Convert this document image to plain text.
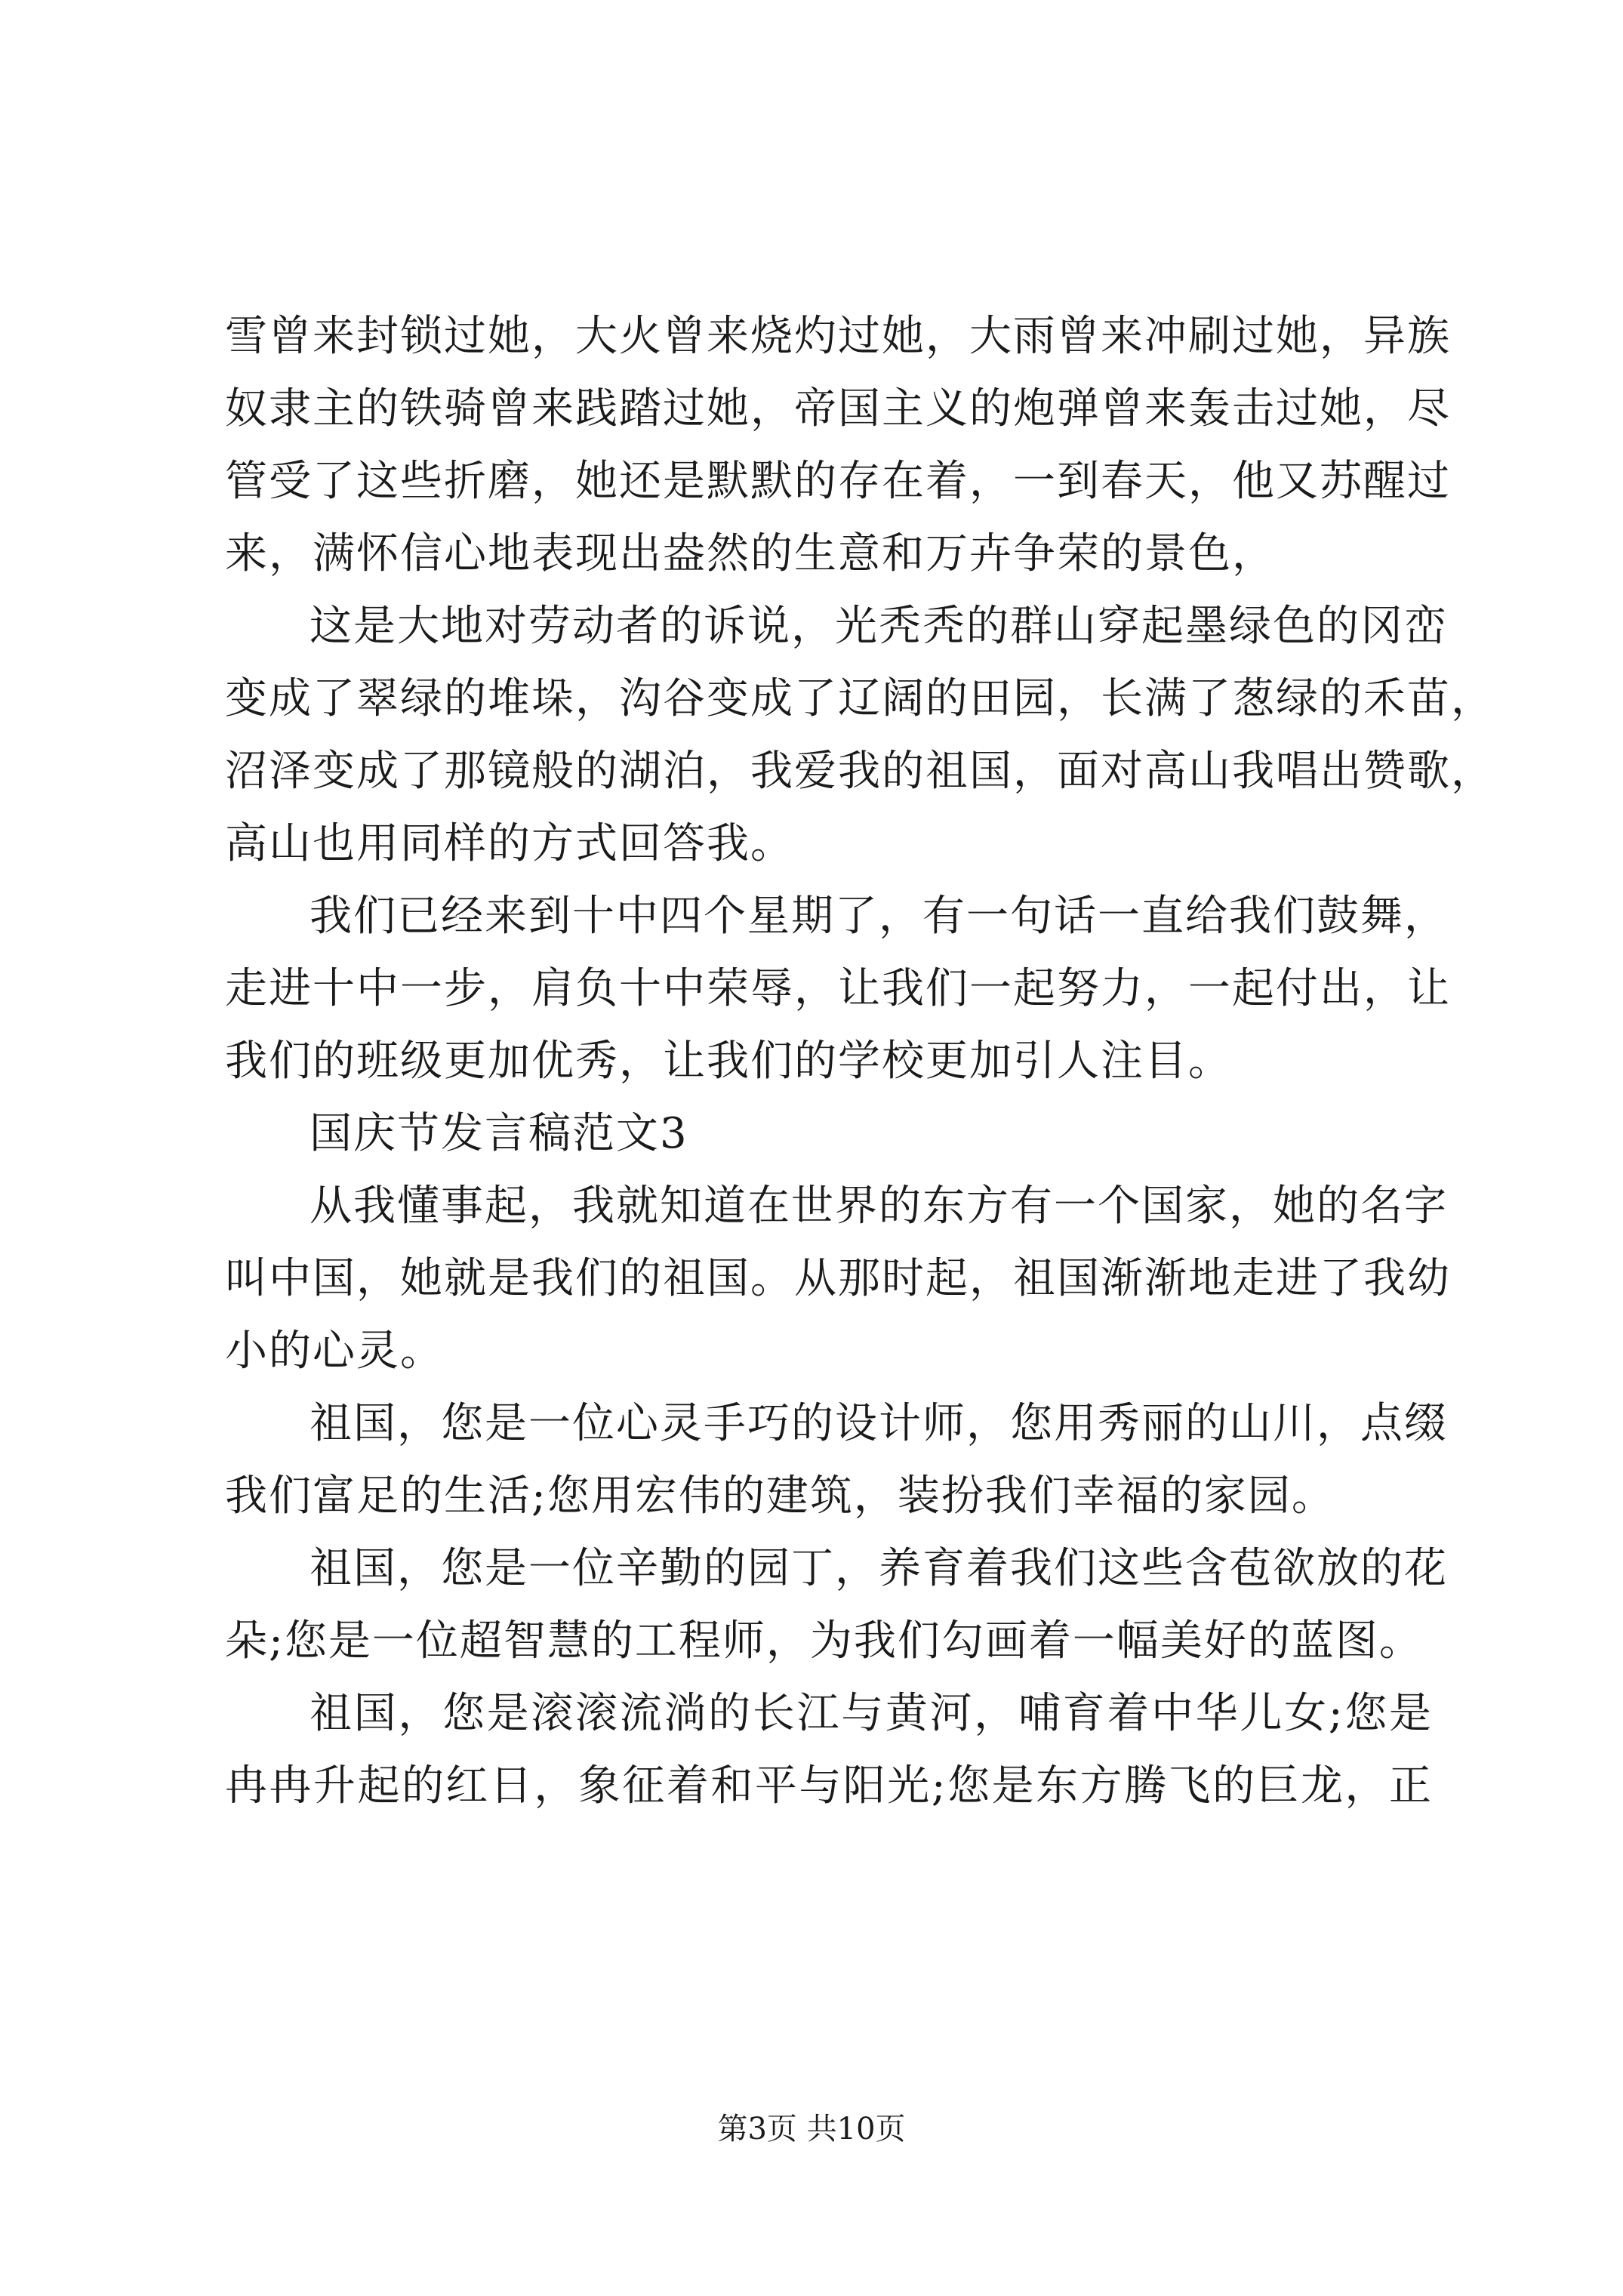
雪曾来封锁过她，大火曾来烧灼过她，大雨曾来冲刷过她，异族
奴隶主的铁骑曾来践踏过她，帝国主义的炮弹曾来轰击过她，尽
管受了这些折磨，她还是默默的存在着，一到春天，他又苏醒过
来，满怀信心地表现出盎然的生意和万卉争荣的景色，
这是大地对劳动者的诉说，光秃秃的群山穿起墨绿色的冈峦
变成了翠绿的堆垛，沟谷变成了辽阔的田园，长满了葱绿的禾苗，
沼泽变成了那镜般的湖泊，我爱我的祖国，面对高山我唱出赞歌，
高山也用同样的方式回答我。
我们已经来到十中四个星期了，有一句话一直给我们鼓舞，
走进十中一步，肩负十中荣辱，让我们一起努力，一起付出，让
我们的班级更加优秀，让我们的学校更加引人注目。
国庆节发言稿范文3
从我懂事起，我就知道在世界的东方有一个国家，她的名字
叫中国，她就是我们的祖国。从那时起，祖国渐渐地走进了我幼
小的心灵。
祖国，您是一位心灵手巧的设计师，您用秀丽的山川，点缀
我们富足的生活;您用宏伟的建筑，装扮我们幸福的家园。
祖国，您是一位辛勤的园丁，养育着我们这些含苞欲放的花
朵;您是一位超智慧的工程师，为我们勾画着一幅美好的蓝图。
祖国，您是滚滚流淌的长江与黄河，哺育着中华儿女;您是
冉冉升起的红日，象征着和平与阳光;您是东方腾飞的巨龙，正
第3页 共10页
